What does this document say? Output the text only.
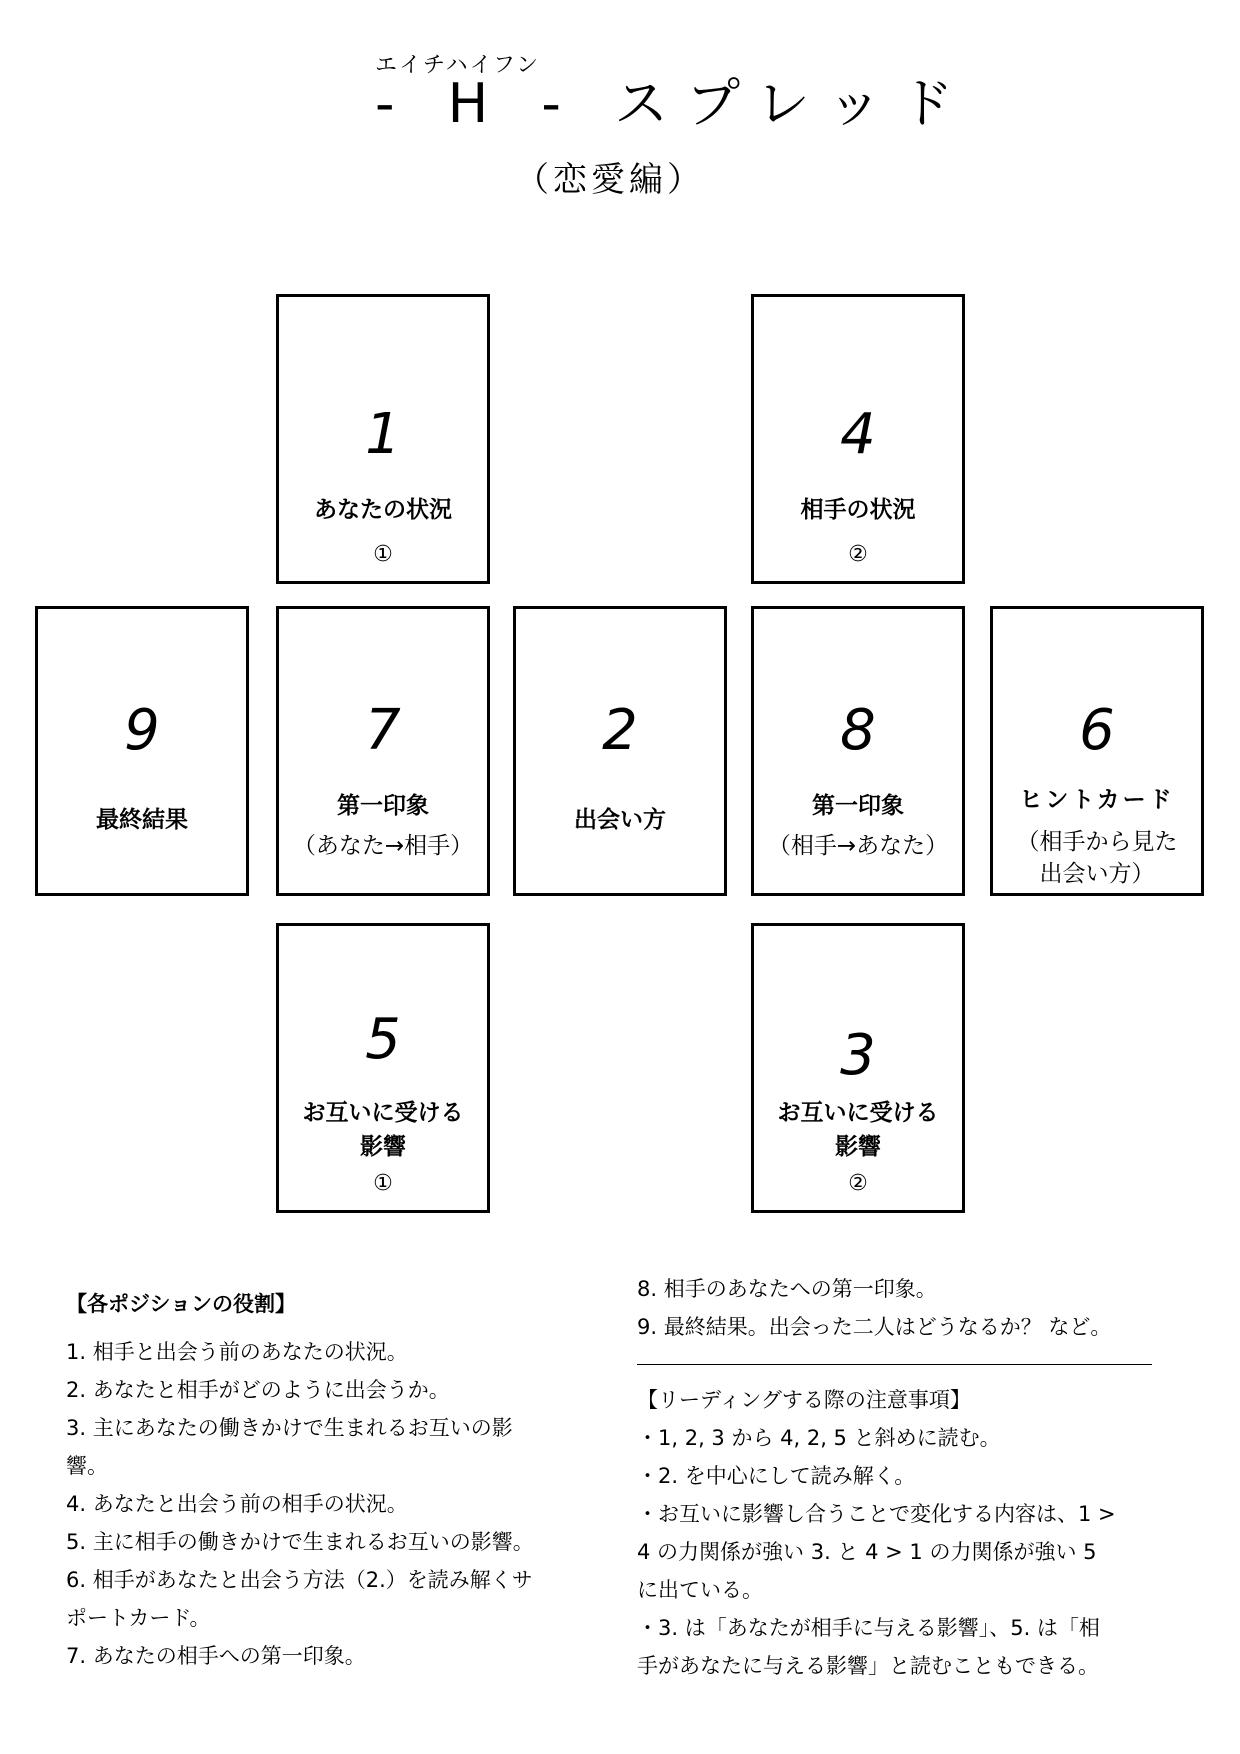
エイチハイフン
- H - スプレッド
（恋愛編）
1
あなたの状況
①
4
相手の状況
②
9
最終結果
7
第一印象
（あなた→相手）
2
出会い方
8
第一印象
（相手→あなた）
6
ヒントカード
（相手から見た
出会い方）
5
お互いに受ける
影響
①
3
お互いに受ける
影響
②

【各ポジションの役割】

1. 相手と出会う前のあなたの状況。

2. あなたと相手がどのように出会うか。

3. 主にあなたの働きかけで生まれるお互いの影

響。

4. あなたと出会う前の相手の状況。

5. 主に相手の働きかけで生まれるお互いの影響。

6. 相手があなたと出会う方法（2.）を読み解くサ

ポートカード。

7. あなたの相手への第一印象。

8. 相手のあなたへの第一印象。

9. 最終結果。出会った二人はどうなるか？ など。

【リーディングする際の注意事項】

・1, 2, 3 から 4, 2, 5 と斜めに読む。

・2. を中心にして読み解く。

・お互いに影響し合うことで変化する内容は、1 >

4 の力関係が強い 3. と 4 > 1 の力関係が強い 5

に出ている。

・3. は「あなたが相手に与える影響」、5. は「相

手があなたに与える影響」と読むこともできる。
